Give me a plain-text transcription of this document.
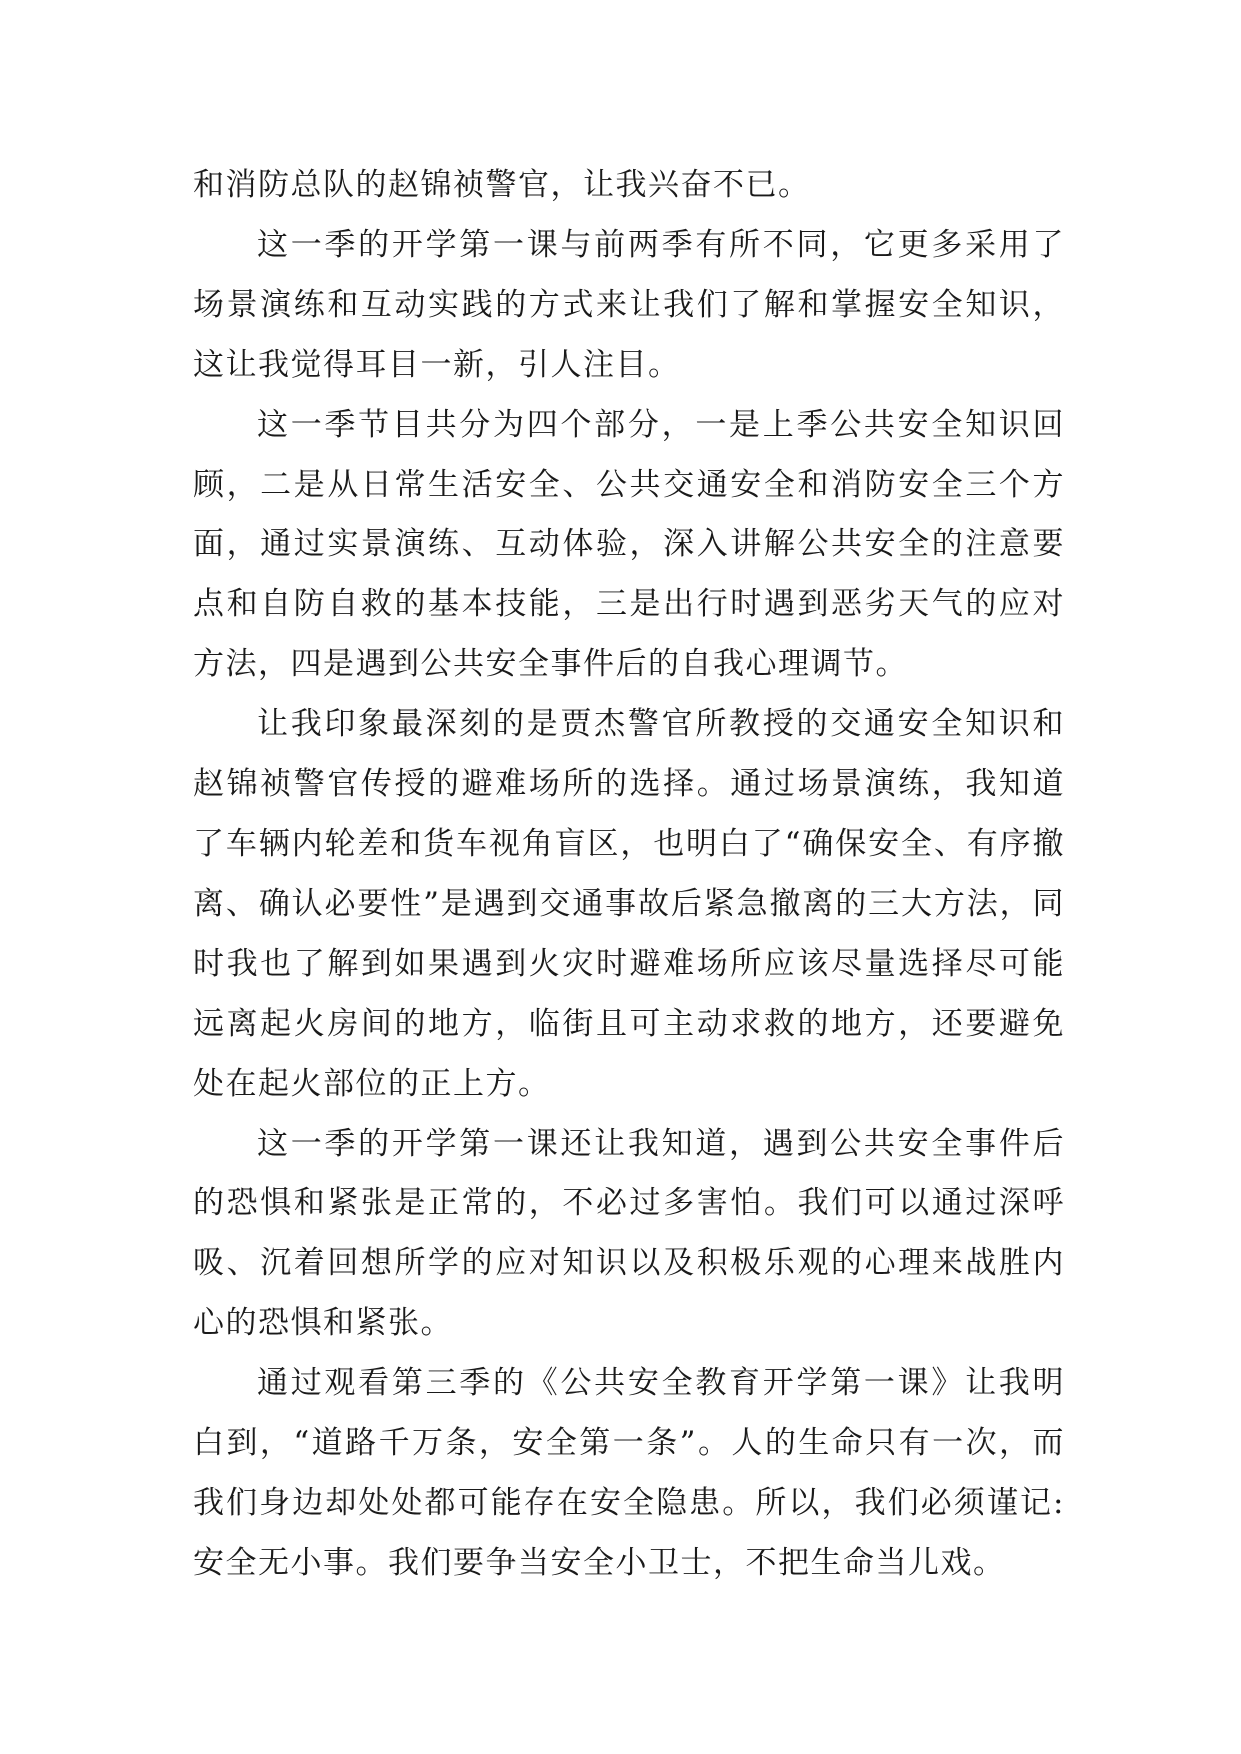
和消防总队的赵锦祯警官，让我兴奋不已。

这一季的开学第一课与前两季有所不同，它更多采用了场景演练和互动实践的方式来让我们了解和掌握安全知识，这让我觉得耳目一新，引人注目。

这一季节目共分为四个部分，一是上季公共安全知识回顾，二是从日常生活安全、公共交通安全和消防安全三个方面，通过实景演练、互动体验，深入讲解公共安全的注意要点和自防自救的基本技能，三是出行时遇到恶劣天气的应对方法，四是遇到公共安全事件后的自我心理调节。

让我印象最深刻的是贾杰警官所教授的交通安全知识和赵锦祯警官传授的避难场所的选择。通过场景演练，我知道了车辆内轮差和货车视角盲区，也明白了“确保安全、有序撤离、确认必要性”是遇到交通事故后紧急撤离的三大方法，同时我也了解到如果遇到火灾时避难场所应该尽量选择尽可能远离起火房间的地方，临街且可主动求救的地方，还要避免处在起火部位的正上方。

这一季的开学第一课还让我知道，遇到公共安全事件后的恐惧和紧张是正常的，不必过多害怕。我们可以通过深呼吸、沉着回想所学的应对知识以及积极乐观的心理来战胜内心的恐惧和紧张。

通过观看第三季的《公共安全教育开学第一课》让我明白到，“道路千万条，安全第一条”。人的生命只有一次，而我们身边却处处都可能存在安全隐患。所以，我们必须谨记:安全无小事。我们要争当安全小卫士，不把生命当儿戏。
